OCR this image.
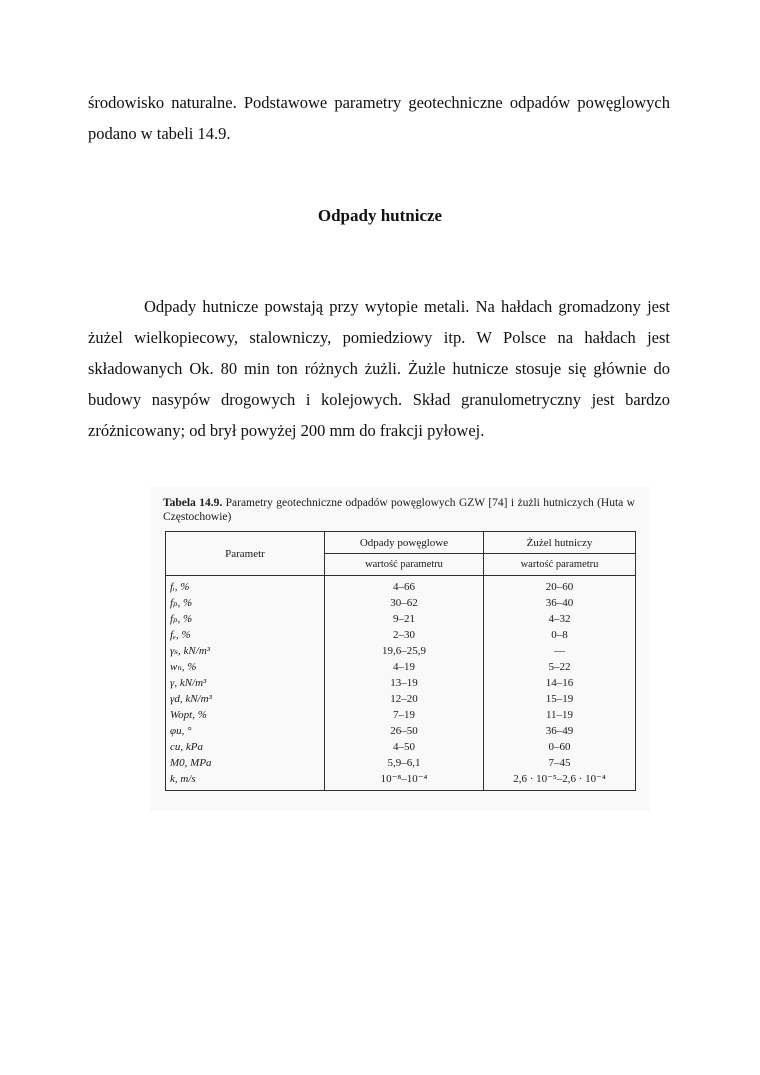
środowisko naturalne. Podstawowe parametry geotechniczne odpadów powęglowych podano w tabeli 14.9.

Odpady hutnicze

Odpady hutnicze powstają przy wytopie metali. Na hałdach gromadzony jest żużel wielkopiecowy, stalowniczy, pomiedziowy itp. W Polsce na hałdach jest składowanych Ok. 80 min ton różnych żużli. Żużle hutnicze stosuje się głównie do budowy nasypów drogowych i kolejowych. Skład granulometryczny jest bardzo zróżnicowany; od brył powyżej 200 mm do frakcji pyłowej.

Tabela 14.9. Parametry geotechniczne odpadów powęglowych GZW [74] i żużli hutniczych (Huta w Częstochowie)
Parametr	Odpady powęglowe	Żużel hutniczy
	wartość parametru	wartość parametru
fᵢ, %	4–66	20–60
fₚ, %	30–62	36–40
fₚ, %	9–21	4–32
fₑ, %	2–30	0–8
γₛ, kN/m³	19,6–25,9	—
wₙ, %	4–19	5–22
γ, kN/m³	13–19	14–16
γd, kN/m³	12–20	15–19
Wopt, %	7–19	11–19
φu, °	26–50	36–49
cu, kPa	4–50	0–60
M0, MPa	5,9–6,1	7–45
k, m/s	10⁻⁸–10⁻⁴	2,6 · 10⁻⁵–2,6 · 10⁻⁴
